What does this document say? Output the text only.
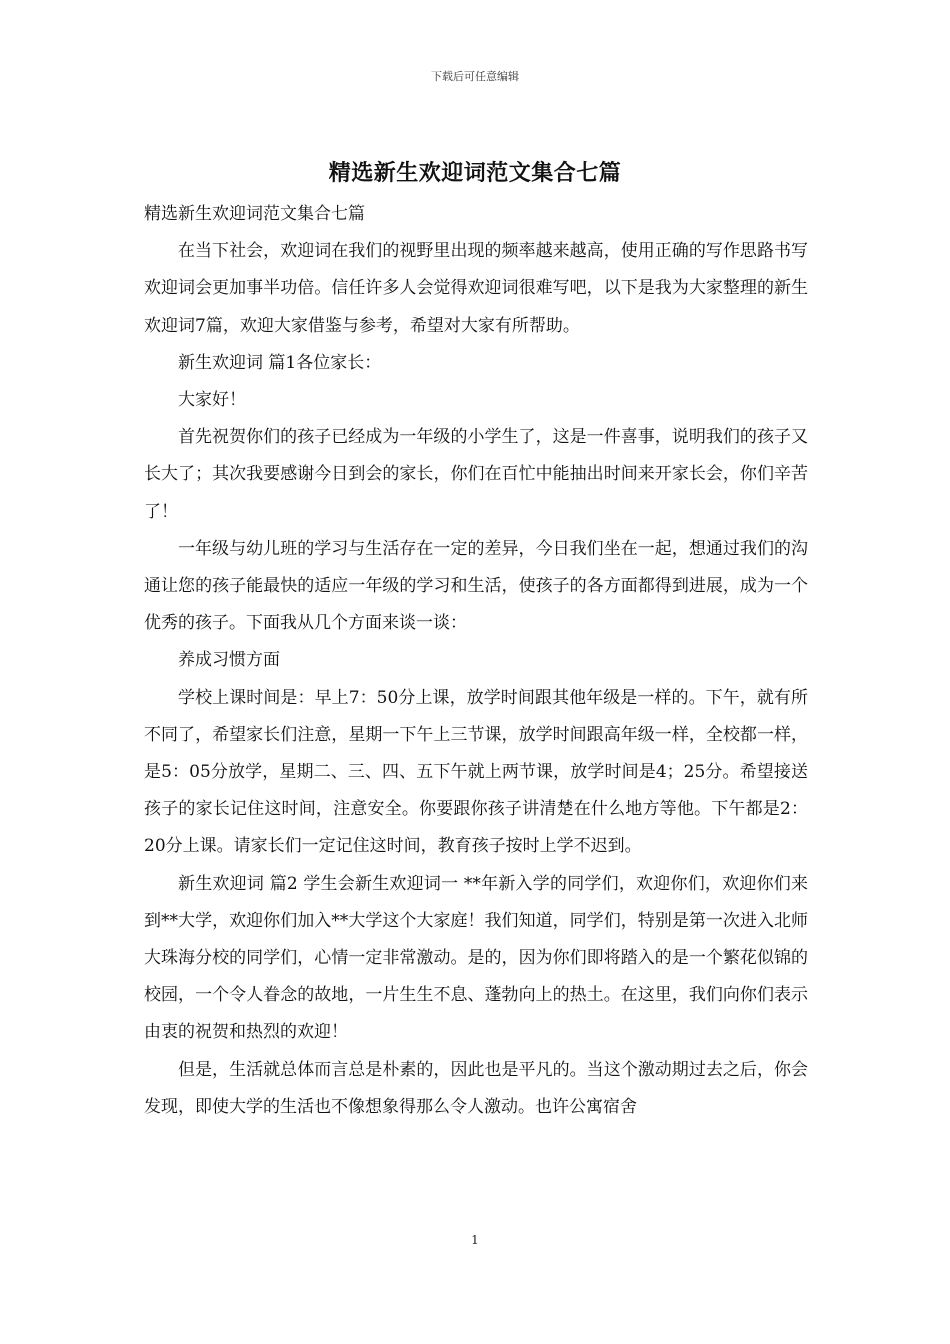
下载后可任意编辑
精选新生欢迎词范文集合七篇

精选新生欢迎词范文集合七篇

在当下社会，欢迎词在我们的视野里出现的频率越来越高，使用正确的写作思路书写欢迎词会更加事半功倍。信任许多人会觉得欢迎词很难写吧，以下是我为大家整理的新生欢迎词7篇，欢迎大家借鉴与参考，希望对大家有所帮助。

新生欢迎词 篇1各位家长：

大家好！

首先祝贺你们的孩子已经成为一年级的小学生了，这是一件喜事，说明我们的孩子又长大了；其次我要感谢今日到会的家长，你们在百忙中能抽出时间来开家长会，你们辛苦了！

一年级与幼儿班的学习与生活存在一定的差异，今日我们坐在一起，想通过我们的沟通让您的孩子能最快的适应一年级的学习和生活，使孩子的各方面都得到进展，成为一个优秀的孩子。下面我从几个方面来谈一谈：

养成习惯方面

学校上课时间是：早上7：50分上课，放学时间跟其他年级是一样的。下午，就有所不同了，希望家长们注意，星期一下午上三节课，放学时间跟高年级一样，全校都一样，是5：05分放学，星期二、三、四、五下午就上两节课，放学时间是4；25分。希望接送孩子的家长记住这时间，注意安全。你要跟你孩子讲清楚在什么地方等他。下午都是2：20分上课。请家长们一定记住这时间，教育孩子按时上学不迟到。

新生欢迎词 篇2 学生会新生欢迎词一 **年新入学的同学们，欢迎你们，欢迎你们来到**大学，欢迎你们加入**大学这个大家庭！我们知道，同学们，特别是第一次进入北师大珠海分校的同学们，心情一定非常激动。是的，因为你们即将踏入的是一个繁花似锦的校园，一个令人眷念的故地，一片生生不息、蓬勃向上的热土。在这里，我们向你们表示由衷的祝贺和热烈的欢迎！

但是，生活就总体而言总是朴素的，因此也是平凡的。当这个激动期过去之后，你会发现，即使大学的生活也不像想象得那么令人激动。也许公寓宿舍

1
